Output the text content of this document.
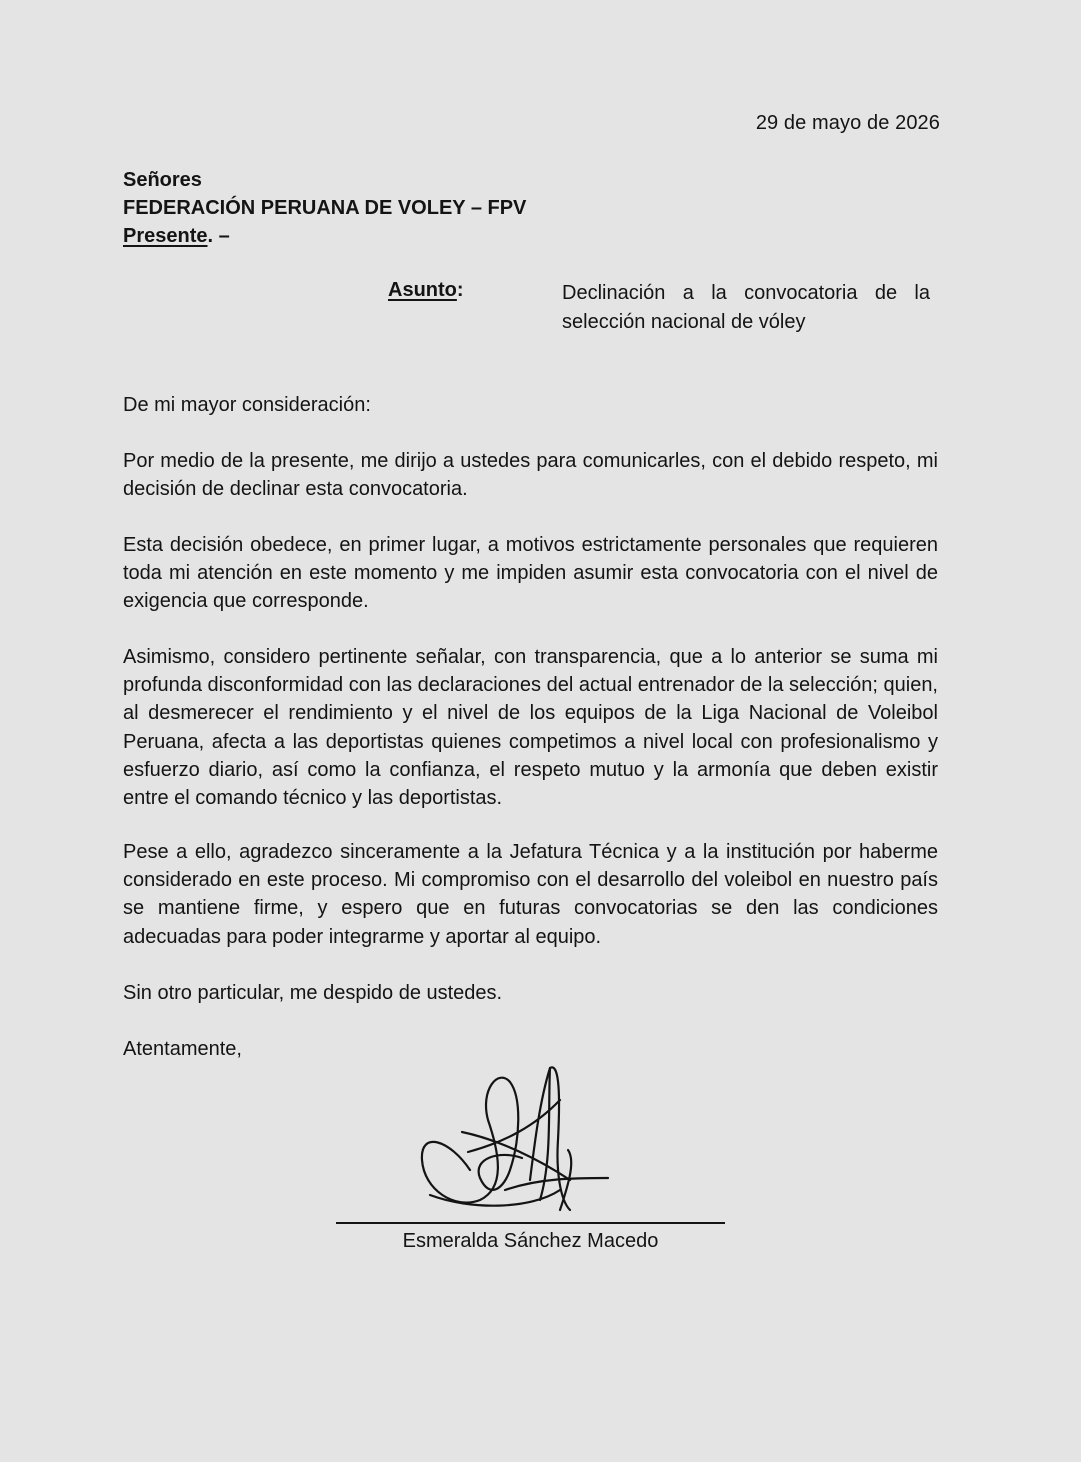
29 de mayo de 2026
Señores
FEDERACIÓN PERUANA DE VOLEY – FPV
Presente. –
Asunto:	Declinación a la convocatoria de la selección nacional de vóley

De mi mayor consideración:

Por medio de la presente, me dirijo a ustedes para comunicarles, con el debido respeto, mi decisión de declinar esta convocatoria.

Esta decisión obedece, en primer lugar, a motivos estrictamente personales que requieren toda mi atención en este momento y me impiden asumir esta convocatoria con el nivel de exigencia que corresponde.

Asimismo, considero pertinente señalar, con transparencia, que a lo anterior se suma mi profunda disconformidad con las declaraciones del actual entrenador de la selección; quien, al desmerecer el rendimiento y el nivel de los equipos de la Liga Nacional de Voleibol Peruana, afecta a las deportistas quienes competimos a nivel local con profesionalismo y esfuerzo diario, así como la confianza, el respeto mutuo y la armonía que deben existir entre el comando técnico y las deportistas.

Pese a ello, agradezco sinceramente a la Jefatura Técnica y a la institución por haberme considerado en este proceso. Mi compromiso con el desarrollo del voleibol en nuestro país se mantiene firme, y espero que en futuras convocatorias se den las condiciones adecuadas para poder integrarme y aportar al equipo.

Sin otro particular, me despido de ustedes.

Atentamente,

Esmeralda Sánchez Macedo
